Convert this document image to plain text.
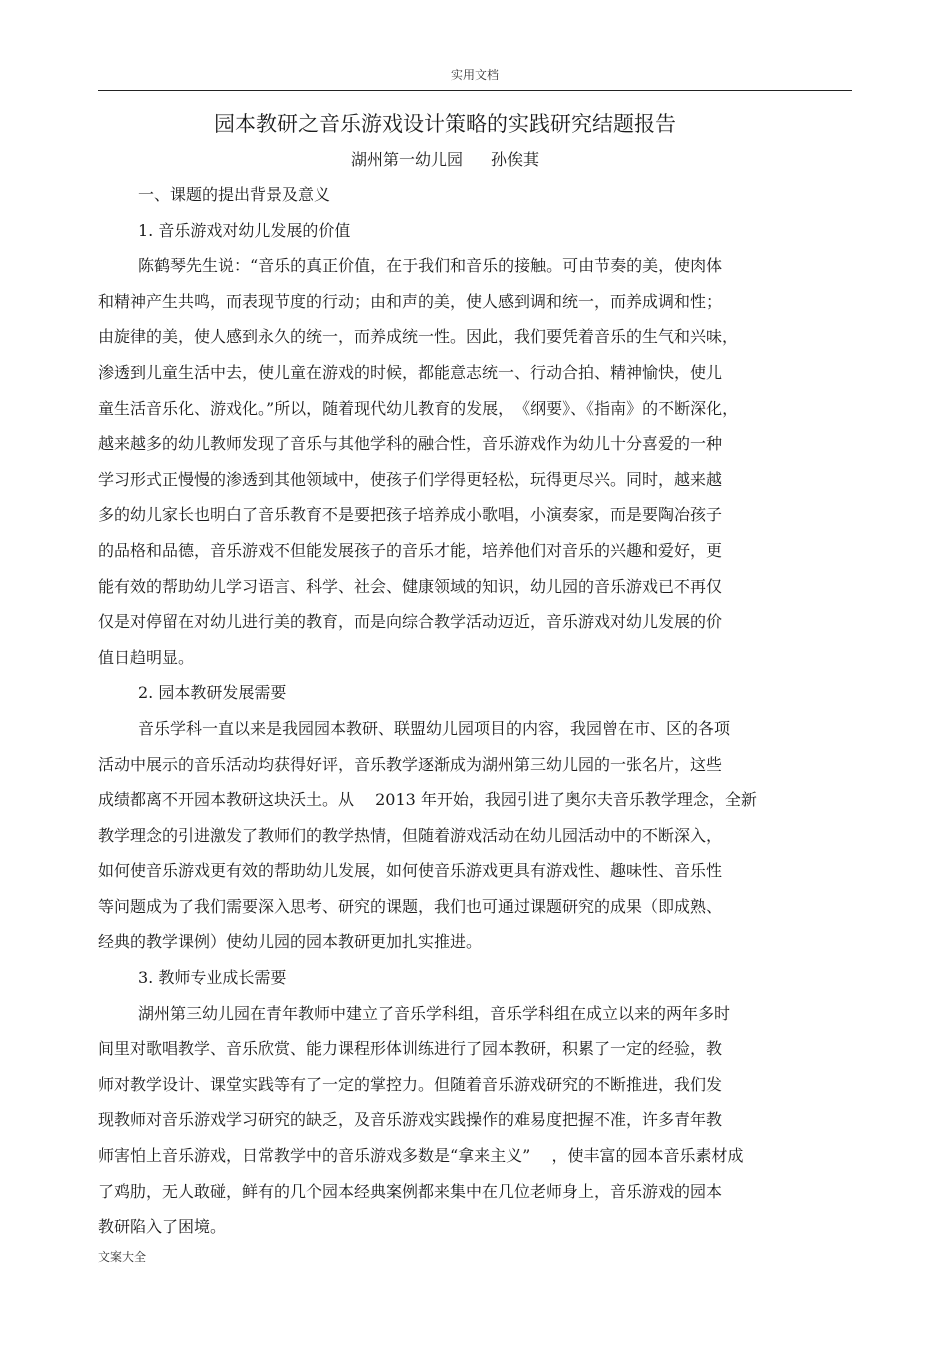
实用文档
园本教研之音乐游戏设计策略的实践研究结题报告
湖州第一幼儿园 孙俟萁
一、课题的提出背景及意义
1. 音乐游戏对幼儿发展的价值
陈鹤琴先生说：“音乐的真正价值，在于我们和音乐的接触。可由节奏的美，使肉体
和精神产生共鸣，而表现节度的行动；由和声的美，使人感到调和统一，而养成调和性；
由旋律的美，使人感到永久的统一，而养成统一性。因此，我们要凭着音乐的生气和兴味，
渗透到儿童生活中去，使儿童在游戏的时候，都能意志统一、行动合拍、精神愉快，使儿
童生活音乐化、游戏化。”所以，随着现代幼儿教育的发展，　《纲要》、《指南》的不断深化，
越来越多的幼儿教师发现了音乐与其他学科的融合性，音乐游戏作为幼儿十分喜爱的一种
学习形式正慢慢的渗透到其他领域中，使孩子们学得更轻松，玩得更尽兴。同时，越来越
多的幼儿家长也明白了音乐教育不是要把孩子培养成小歌唱，小演奏家，而是要陶冶孩子
的品格和品德，音乐游戏不但能发展孩子的音乐才能，培养他们对音乐的兴趣和爱好，更
能有效的帮助幼儿学习语言、科学、社会、健康领域的知识，幼儿园的音乐游戏已不再仅
仅是对停留在对幼儿进行美的教育，而是向综合教学活动迈近，音乐游戏对幼儿发展的价
值日趋明显。
2. 园本教研发展需要
音乐学科一直以来是我园园本教研、联盟幼儿园项目的内容，我园曾在市、区的各项
活动中展示的音乐活动均获得好评，音乐教学逐渐成为湖州第三幼儿园的一张名片，这些
成绩都离不开园本教研这块沃土。从　 2013 年开始，我园引进了奥尔夫音乐教学理念，全新
教学理念的引进激发了教师们的教学热情，但随着游戏活动在幼儿园活动中的不断深入，
如何使音乐游戏更有效的帮助幼儿发展，如何使音乐游戏更具有游戏性、趣味性、音乐性
等问题成为了我们需要深入思考、研究的课题，我们也可通过课题研究的成果（即成熟、
经典的教学课例）使幼儿园的园本教研更加扎实推进。
3. 教师专业成长需要
湖州第三幼儿园在青年教师中建立了音乐学科组，音乐学科组在成立以来的两年多时
间里对歌唱教学、音乐欣赏、能力课程形体训练进行了园本教研，积累了一定的经验，教
师对教学设计、课堂实践等有了一定的掌控力。但随着音乐游戏研究的不断推进，我们发
现教师对音乐游戏学习研究的缺乏，及音乐游戏实践操作的难易度把握不准，许多青年教
师害怕上音乐游戏，日常教学中的音乐游戏多数是“拿来主义”　 ，使丰富的园本音乐素材成
了鸡肋，无人敢碰，鲜有的几个园本经典案例都来集中在几位老师身上，音乐游戏的园本
教研陷入了困境。
文案大全
